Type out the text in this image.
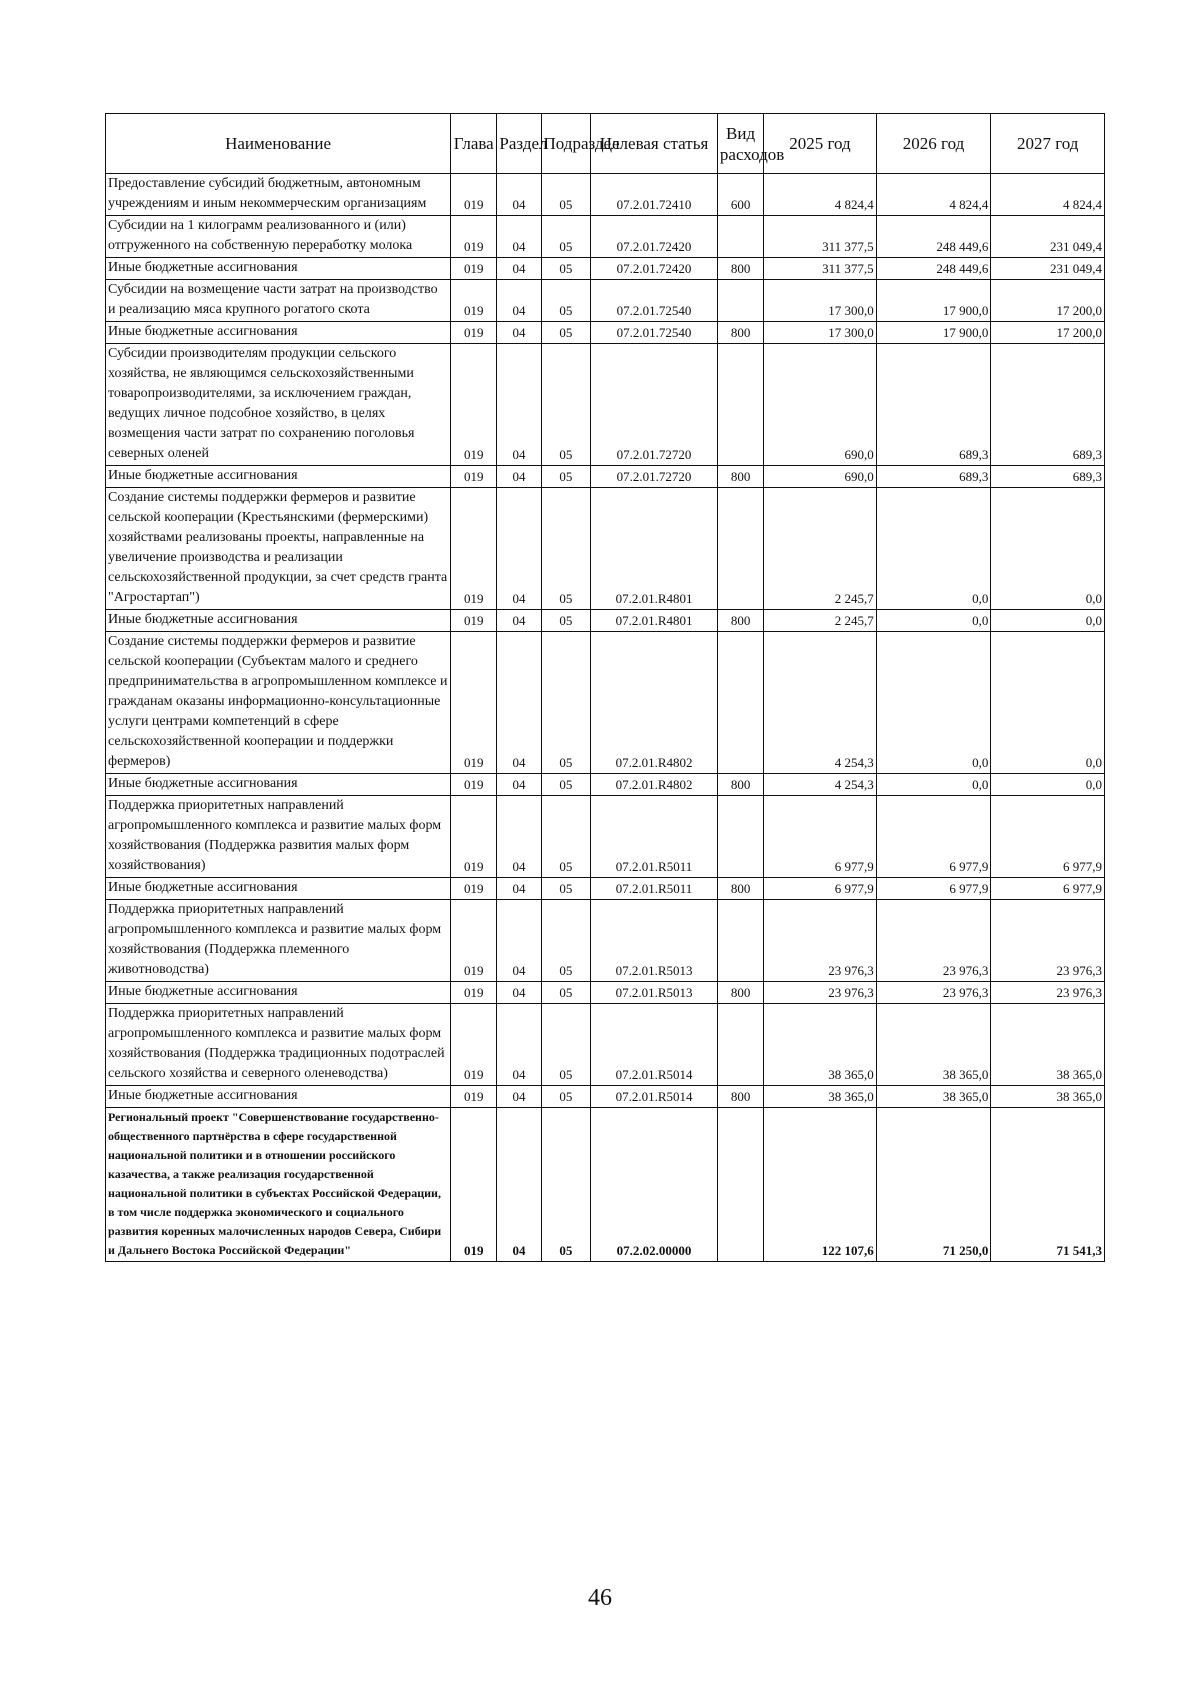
Наименование	Глава	Раздел	Подраздел	Целевая статья	Вид расходов	2025 год	2026 год	2027 год
Предоставление субсидий бюджетным, автономным учреждениям и иным некоммерческим организациям	019	04	05	07.2.01.72410	600	4 824,4	4 824,4	4 824,4
Субсидии на 1 килограмм реализованного и (или) отгруженного на собственную переработку молока	019	04	05	07.2.01.72420		311 377,5	248 449,6	231 049,4
Иные бюджетные ассигнования	019	04	05	07.2.01.72420	800	311 377,5	248 449,6	231 049,4
Субсидии на возмещение части затрат на производство и реализацию мяса крупного рогатого скота	019	04	05	07.2.01.72540		17 300,0	17 900,0	17 200,0
Иные бюджетные ассигнования	019	04	05	07.2.01.72540	800	17 300,0	17 900,0	17 200,0
Субсидии производителям продукции сельского хозяйства, не являющимся сельскохозяйственными товаропроизводителями, за исключением граждан, ведущих личное подсобное хозяйство, в целях возмещения части затрат по сохранению поголовья северных оленей	019	04	05	07.2.01.72720		690,0	689,3	689,3
Иные бюджетные ассигнования	019	04	05	07.2.01.72720	800	690,0	689,3	689,3
Создание системы поддержки фермеров и развитие сельской кооперации (Крестьянскими (фермерскими) хозяйствами реализованы проекты, направленные на увеличение производства и реализации сельскохозяйственной продукции, за счет средств гранта "Агростартап")	019	04	05	07.2.01.R4801		2 245,7	0,0	0,0
Иные бюджетные ассигнования	019	04	05	07.2.01.R4801	800	2 245,7	0,0	0,0
Создание системы поддержки фермеров и развитие сельской кооперации (Субъектам малого и среднего предпринимательства в агропромышленном комплексе и гражданам оказаны информационно-консультационные услуги центрами компетенций в сфере сельскохозяйственной кооперации и поддержки фермеров)	019	04	05	07.2.01.R4802		4 254,3	0,0	0,0
Иные бюджетные ассигнования	019	04	05	07.2.01.R4802	800	4 254,3	0,0	0,0
Поддержка приоритетных направлений агропромышленного комплекса и развитие малых форм хозяйствования (Поддержка развития малых форм хозяйствования)	019	04	05	07.2.01.R5011		6 977,9	6 977,9	6 977,9
Иные бюджетные ассигнования	019	04	05	07.2.01.R5011	800	6 977,9	6 977,9	6 977,9
Поддержка приоритетных направлений агропромышленного комплекса и развитие малых форм хозяйствования (Поддержка племенного животноводства)	019	04	05	07.2.01.R5013		23 976,3	23 976,3	23 976,3
Иные бюджетные ассигнования	019	04	05	07.2.01.R5013	800	23 976,3	23 976,3	23 976,3
Поддержка приоритетных направлений агропромышленного комплекса и развитие малых форм хозяйствования (Поддержка традиционных подотраслей сельского хозяйства и северного оленеводства)	019	04	05	07.2.01.R5014		38 365,0	38 365,0	38 365,0
Иные бюджетные ассигнования	019	04	05	07.2.01.R5014	800	38 365,0	38 365,0	38 365,0
Региональный проект "Совершенствование государственно-общественного партнёрства в сфере государственной национальной политики и в отношении российского казачества, а также реализация государственной национальной политики в субъектах Российской Федерации, в том числе поддержка экономического и социального развития коренных малочисленных народов Севера, Сибири и Дальнего Востока Российской Федерации"	019	04	05	07.2.02.00000		122 107,6	71 250,0	71 541,3
46
